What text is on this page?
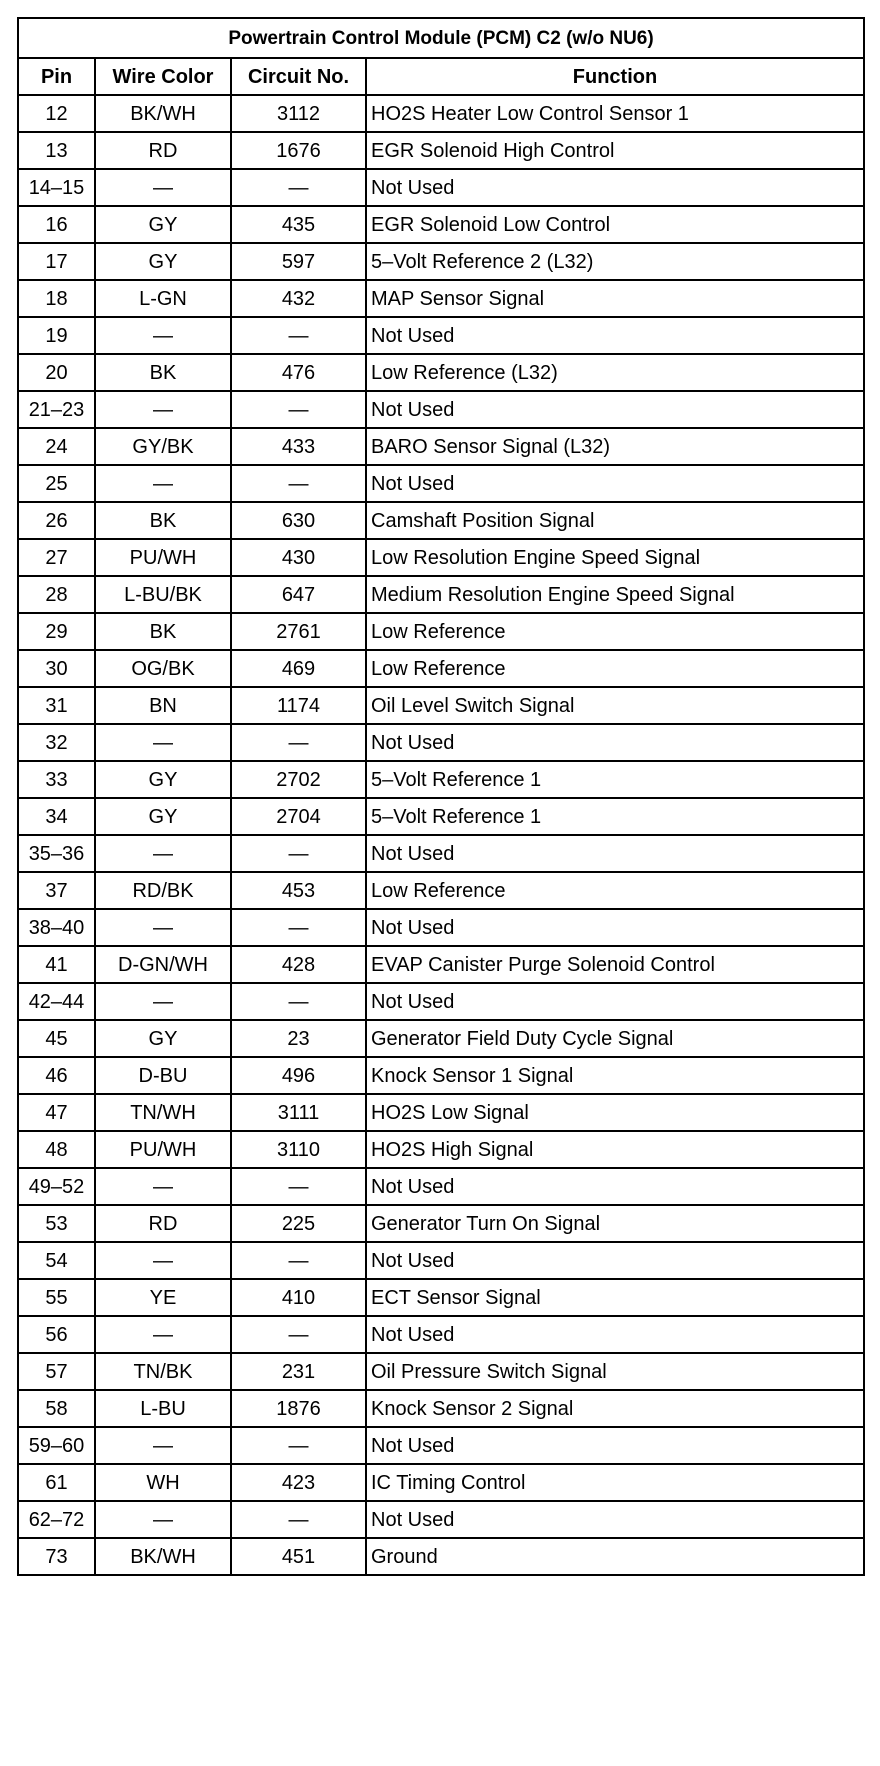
Powertrain Control Module (PCM) C2 (w/o NU6)			
Pin	Wire Color	Circuit No.	Function
12	BK/WH	3112	HO2S Heater Low Control Sensor 1
13	RD	1676	EGR Solenoid High Control
14–15	—	—	Not Used
16	GY	435	EGR Solenoid Low Control
17	GY	597	5–Volt Reference 2 (L32)
18	L-GN	432	MAP Sensor Signal
19	—	—	Not Used
20	BK	476	Low Reference (L32)
21–23	—	—	Not Used
24	GY/BK	433	BARO Sensor Signal (L32)
25	—	—	Not Used
26	BK	630	Camshaft Position Signal
27	PU/WH	430	Low Resolution Engine Speed Signal
28	L-BU/BK	647	Medium Resolution Engine Speed Signal
29	BK	2761	Low Reference
30	OG/BK	469	Low Reference
31	BN	1174	Oil Level Switch Signal
32	—	—	Not Used
33	GY	2702	5–Volt Reference 1
34	GY	2704	5–Volt Reference 1
35–36	—	—	Not Used
37	RD/BK	453	Low Reference
38–40	—	—	Not Used
41	D-GN/WH	428	EVAP Canister Purge Solenoid Control
42–44	—	—	Not Used
45	GY	23	Generator Field Duty Cycle Signal
46	D-BU	496	Knock Sensor 1 Signal
47	TN/WH	3111	HO2S Low Signal
48	PU/WH	3110	HO2S High Signal
49–52	—	—	Not Used
53	RD	225	Generator Turn On Signal
54	—	—	Not Used
55	YE	410	ECT Sensor Signal
56	—	—	Not Used
57	TN/BK	231	Oil Pressure Switch Signal
58	L-BU	1876	Knock Sensor 2 Signal
59–60	—	—	Not Used
61	WH	423	IC Timing Control
62–72	—	—	Not Used
73	BK/WH	451	Ground
